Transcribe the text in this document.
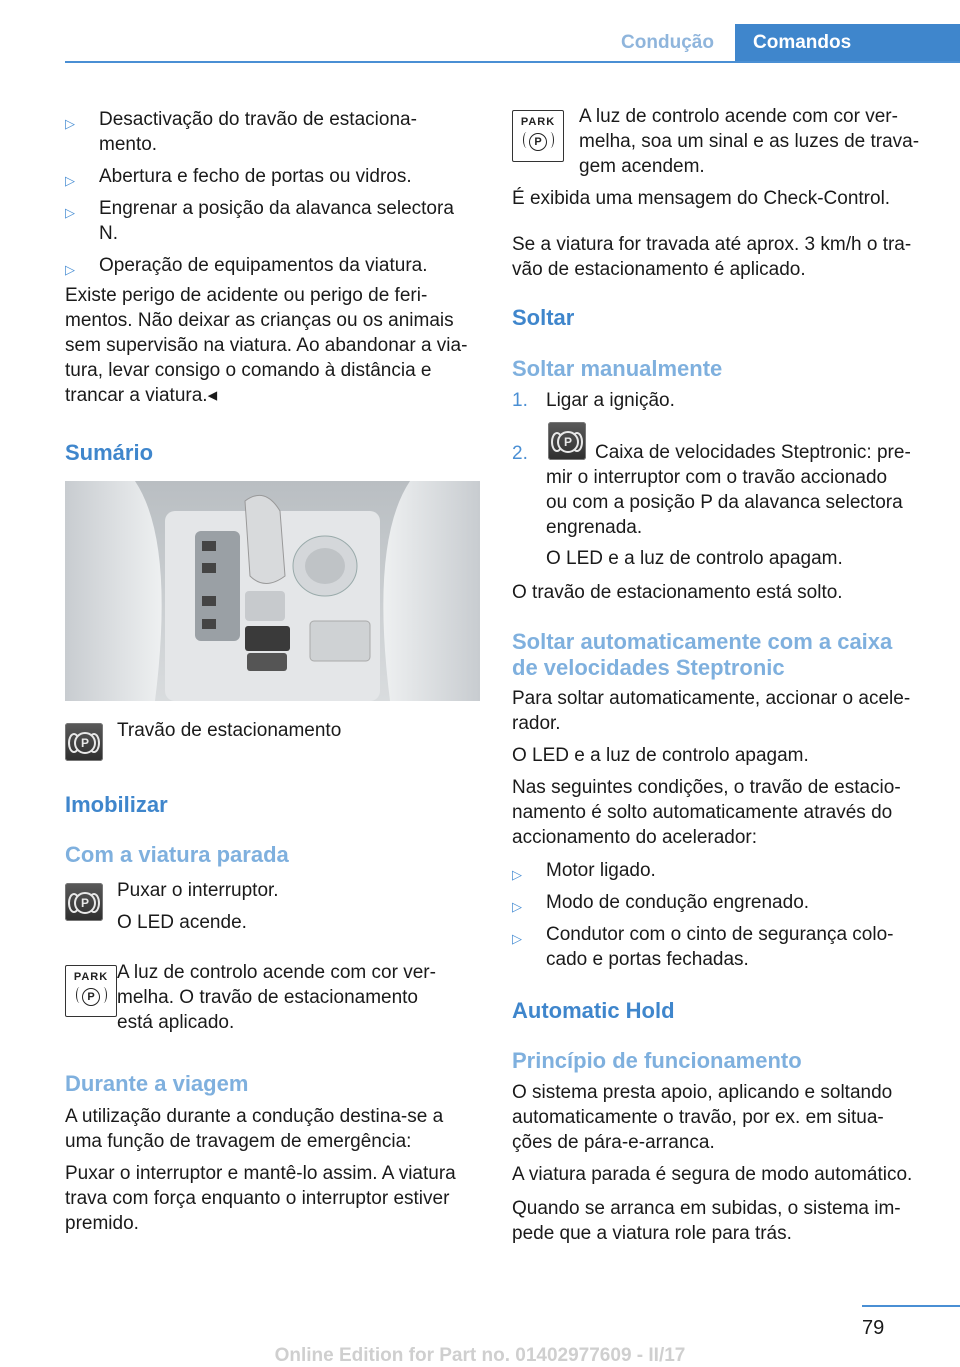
Condução	Comandos
▷ Desactivação do travão de estaciona-
mento.
▷ Abertura e fecho de portas ou vidros.
▷ Engrenar a posição da alavanca selectora
N.
▷ Operação de equipamentos da viatura.
Existe perigo de acidente ou perigo de feri-
mentos. Não deixar as crianças ou os animais
sem supervisão na viatura. Ao abandonar a via-
tura, levar consigo o comando à distância e
trancar a viatura.◂
Sumário
P
Travão de estacionamento
Imobilizar
Com a viatura parada
P
Puxar o interruptor.
O LED acende.
PARK
P
A luz de controlo acende com cor ver-
melha. O travão de estacionamento
está aplicado.
Durante a viagem
A utilização durante a condução destina-se a
uma função de travagem de emergência:
Puxar o interruptor e mantê-lo assim. A viatura
trava com força enquanto o interruptor estiver
premido.
PARK
P
A luz de controlo acende com cor ver-
melha, soa um sinal e as luzes de trava-
gem acendem.
É exibida uma mensagem do Check-Control.
Se a viatura for travada até aprox. 3 km/h o tra-
vão de estacionamento é aplicado.
Soltar
Soltar manualmente
1. Ligar a ignição.
2.
P	Caixa de velocidades Steptronic: pre-
mir o interruptor com o travão accionado
ou com a posição P da alavanca selectora
engrenada.
O LED e a luz de controlo apagam.
O travão de estacionamento está solto.
Soltar automaticamente com a caixa
de velocidades Steptronic
Para soltar automaticamente, accionar o acele-
rador.
O LED e a luz de controlo apagam.
Nas seguintes condições, o travão de estacio-
namento é solto automaticamente através do
accionamento do acelerador:
▷ Motor ligado.
▷ Modo de condução engrenado.
▷ Condutor com o cinto de segurança colo-
cado e portas fechadas.
Automatic Hold
Princípio de funcionamento
O sistema presta apoio, aplicando e soltando
automaticamente o travão, por ex. em situa-
ções de pára-e-arranca.
A viatura parada é segura de modo automático.
Quando se arranca em subidas, o sistema im-
pede que a viatura role para trás.
79
Online Edition for Part no. 01402977609 - II/17
